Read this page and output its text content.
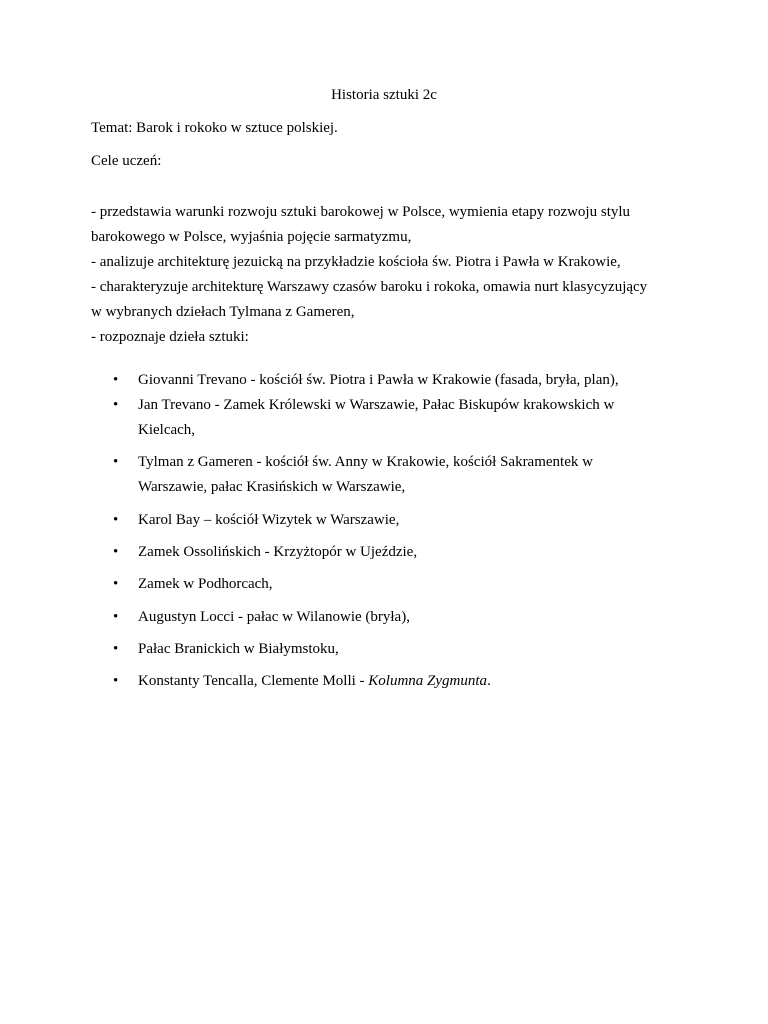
Historia sztuki 2c
Temat: Barok i rokoko w sztuce polskiej.
Cele uczeń:
- przedstawia warunki rozwoju sztuki barokowej w Polsce, wymienia etapy rozwoju stylu
barokowego w Polsce, wyjaśnia pojęcie sarmatyzmu,
- analizuje architekturę jezuicką na przykładzie kościoła św. Piotra i Pawła w Krakowie,
- charakteryzuje architekturę Warszawy czasów baroku i rokoka, omawia nurt klasycyzujący
w wybranych dziełach Tylmana z Gameren,
- rozpoznaje dzieła sztuki:
• Giovanni Trevano - kościół św. Piotra i Pawła w Krakowie (fasada, bryła, plan),
• Jan Trevano - Zamek Królewski w Warszawie, Pałac Biskupów krakowskich w
Kielcach,
• Tylman z Gameren - kościół św. Anny w Krakowie, kościół Sakramentek w
Warszawie, pałac Krasińskich w Warszawie,
• Karol Bay – kościół Wizytek w Warszawie,
• Zamek Ossolińskich - Krzyżtopór w Ujeździe,
• Zamek w Podhorcach,
• Augustyn Locci - pałac w Wilanowie (bryła),
• Pałac Branickich w Białymstoku,
• Konstanty Tencalla, Clemente Molli - Kolumna Zygmunta.
